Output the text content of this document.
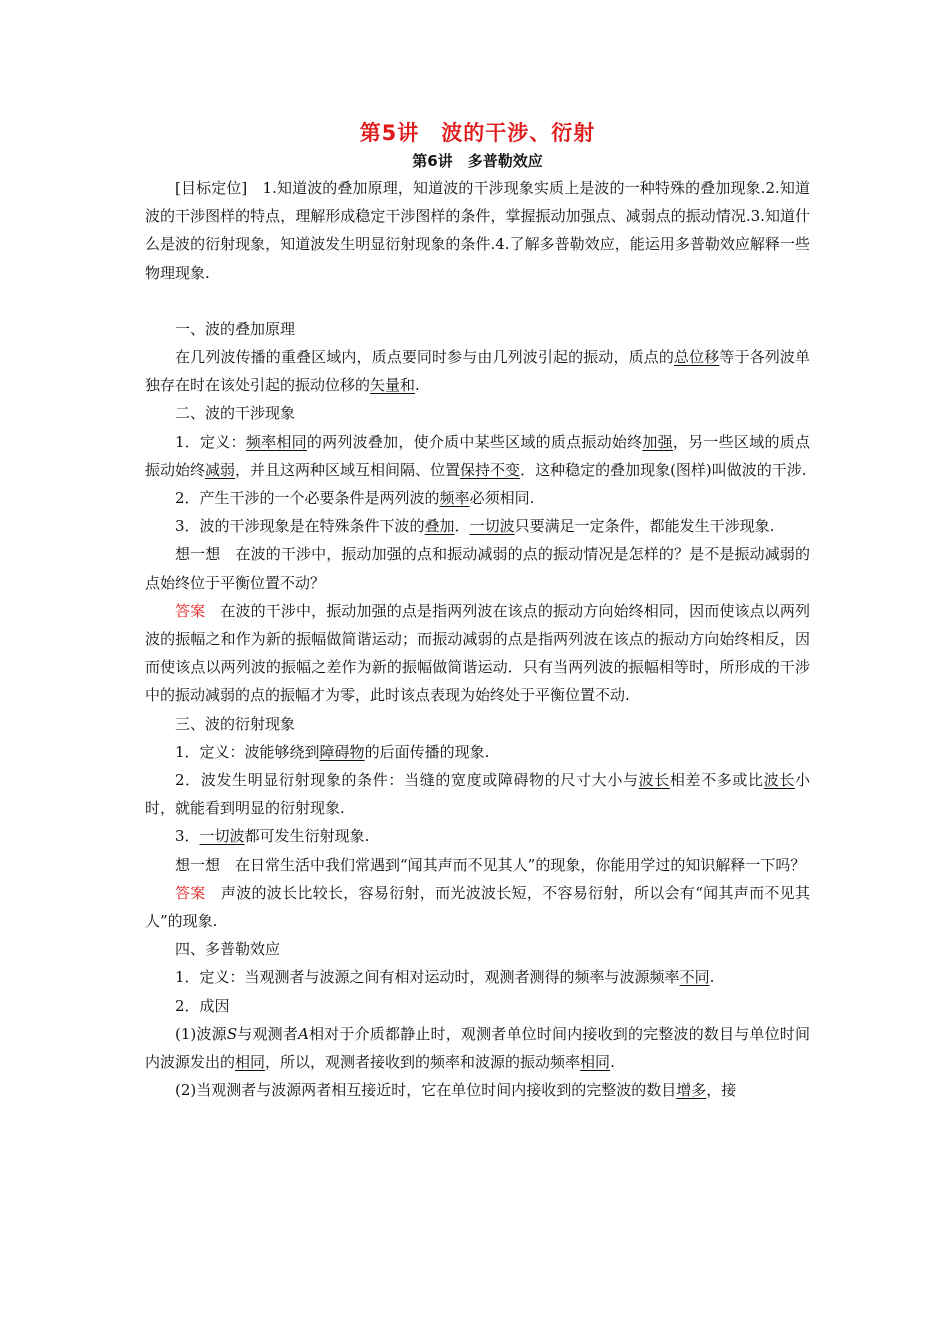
第5讲　波的干涉、衍射
第6讲　多普勒效应

[目标定位]　1.知道波的叠加原理，知道波的干涉现象实质上是波的一种特殊的叠加现象.2.知道波的干涉图样的特点，理解形成稳定干涉图样的条件，掌握振动加强点、减弱点的振动情况.3.知道什么是波的衍射现象，知道波发生明显衍射现象的条件.4.了解多普勒效应，能运用多普勒效应解释一些物理现象.

一、波的叠加原理

在几列波传播的重叠区域内，质点要同时参与由几列波引起的振动，质点的总位移等于各列波单独存在时在该处引起的振动位移的矢量和.

二、波的干涉现象

1．定义：频率相同的两列波叠加，使介质中某些区域的质点振动始终加强，另一些区域的质点振动始终减弱，并且这两种区域互相间隔、位置保持不变．这种稳定的叠加现象(图样)叫做波的干涉.

2．产生干涉的一个必要条件是两列波的频率必须相同.

3．波的干涉现象是在特殊条件下波的叠加．一切波只要满足一定条件，都能发生干涉现象.

想一想　在波的干涉中，振动加强的点和振动减弱的点的振动情况是怎样的？是不是振动减弱的点始终位于平衡位置不动？

答案　在波的干涉中，振动加强的点是指两列波在该点的振动方向始终相同，因而使该点以两列波的振幅之和作为新的振幅做简谐运动；而振动减弱的点是指两列波在该点的振动方向始终相反，因而使该点以两列波的振幅之差作为新的振幅做简谐运动．只有当两列波的振幅相等时，所形成的干涉中的振动减弱的点的振幅才为零，此时该点表现为始终处于平衡位置不动.

三、波的衍射现象

1．定义：波能够绕到障碍物的后面传播的现象.

2．波发生明显衍射现象的条件：当缝的宽度或障碍物的尺寸大小与波长相差不多或比波长小时，就能看到明显的衍射现象.

3．一切波都可发生衍射现象.

想一想　在日常生活中我们常遇到“闻其声而不见其人”的现象，你能用学过的知识解释一下吗？

答案　声波的波长比较长，容易衍射，而光波波长短，不容易衍射，所以会有“闻其声而不见其人”的现象.

四、多普勒效应

1．定义：当观测者与波源之间有相对运动时，观测者测得的频率与波源频率不同.

2．成因

(1)波源S与观测者A相对于介质都静止时，观测者单位时间内接收到的完整波的数目与单位时间内波源发出的相同，所以，观测者接收到的频率和波源的振动频率相同.

(2)当观测者与波源两者相互接近时，它在单位时间内接收到的完整波的数目增多，接
